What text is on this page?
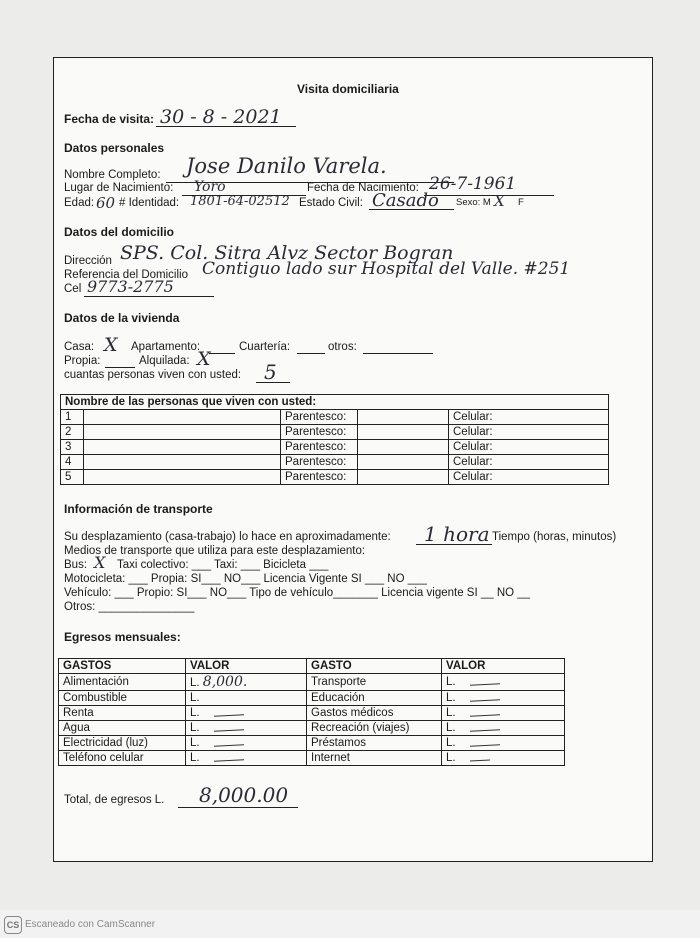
Visita domiciliaria
Fecha de visita: 30 - 8 - 2021
Datos personales
Nombre Completo: Jose Danilo Varela.
Lugar de Nacimiento: Yoro	Fecha de Nacimiento: 26-7-1961
Edad: 60 # Identidad: 1801-64-02512 Estado Civil: Casado Sexo: M X F
Datos del domicilio
Dirección SPS. Col. Sitra Alvz Sector Bogran
Referencia del Domicilio Contiguo lado sur Hospital del Valle. #251
Cel 9773-2775
Datos de la vivienda
Casa: X Apartamento:	Cuartería:	otros:
Propia:	Alquilada: X
cuantas personas viven con usted: 5
Nombre de las personas que viven con usted:				
1		Parentesco:		Celular:
2		Parentesco:		Celular:
3		Parentesco:		Celular:
4		Parentesco:		Celular:
5		Parentesco:		Celular:
Información de transporte
Su desplazamiento (casa-trabajo) lo hace en aproximadamente: 1 hora Tiempo (horas, minutos)
Medios de transporte que utiliza para este desplazamiento:
Bus: X Taxi colectivo: ___ Taxi: ___ Bicicleta ___
Motocicleta: ___ Propia: SI___ NO___ Licencia Vigente SI ___ NO ___
Vehículo: ___ Propio: SI___ NO___ Tipo de vehículo_______ Licencia vigente SI __ NO __
Otros: _______________
Egresos mensuales:
GASTOS	VALOR	GASTO	VALOR
Alimentación	L. 8,000.	Transporte	L.
Combustible	L.	Educación	L.
Renta	L.	Gastos médicos	L.
Agua	L.	Recreación (viajes)	L.
Electricidad (luz)	L.	Préstamos	L.
Teléfono celular	L.	Internet	L.
Total, de egresos L. 8,000.00
CS Escaneado con CamScanner
